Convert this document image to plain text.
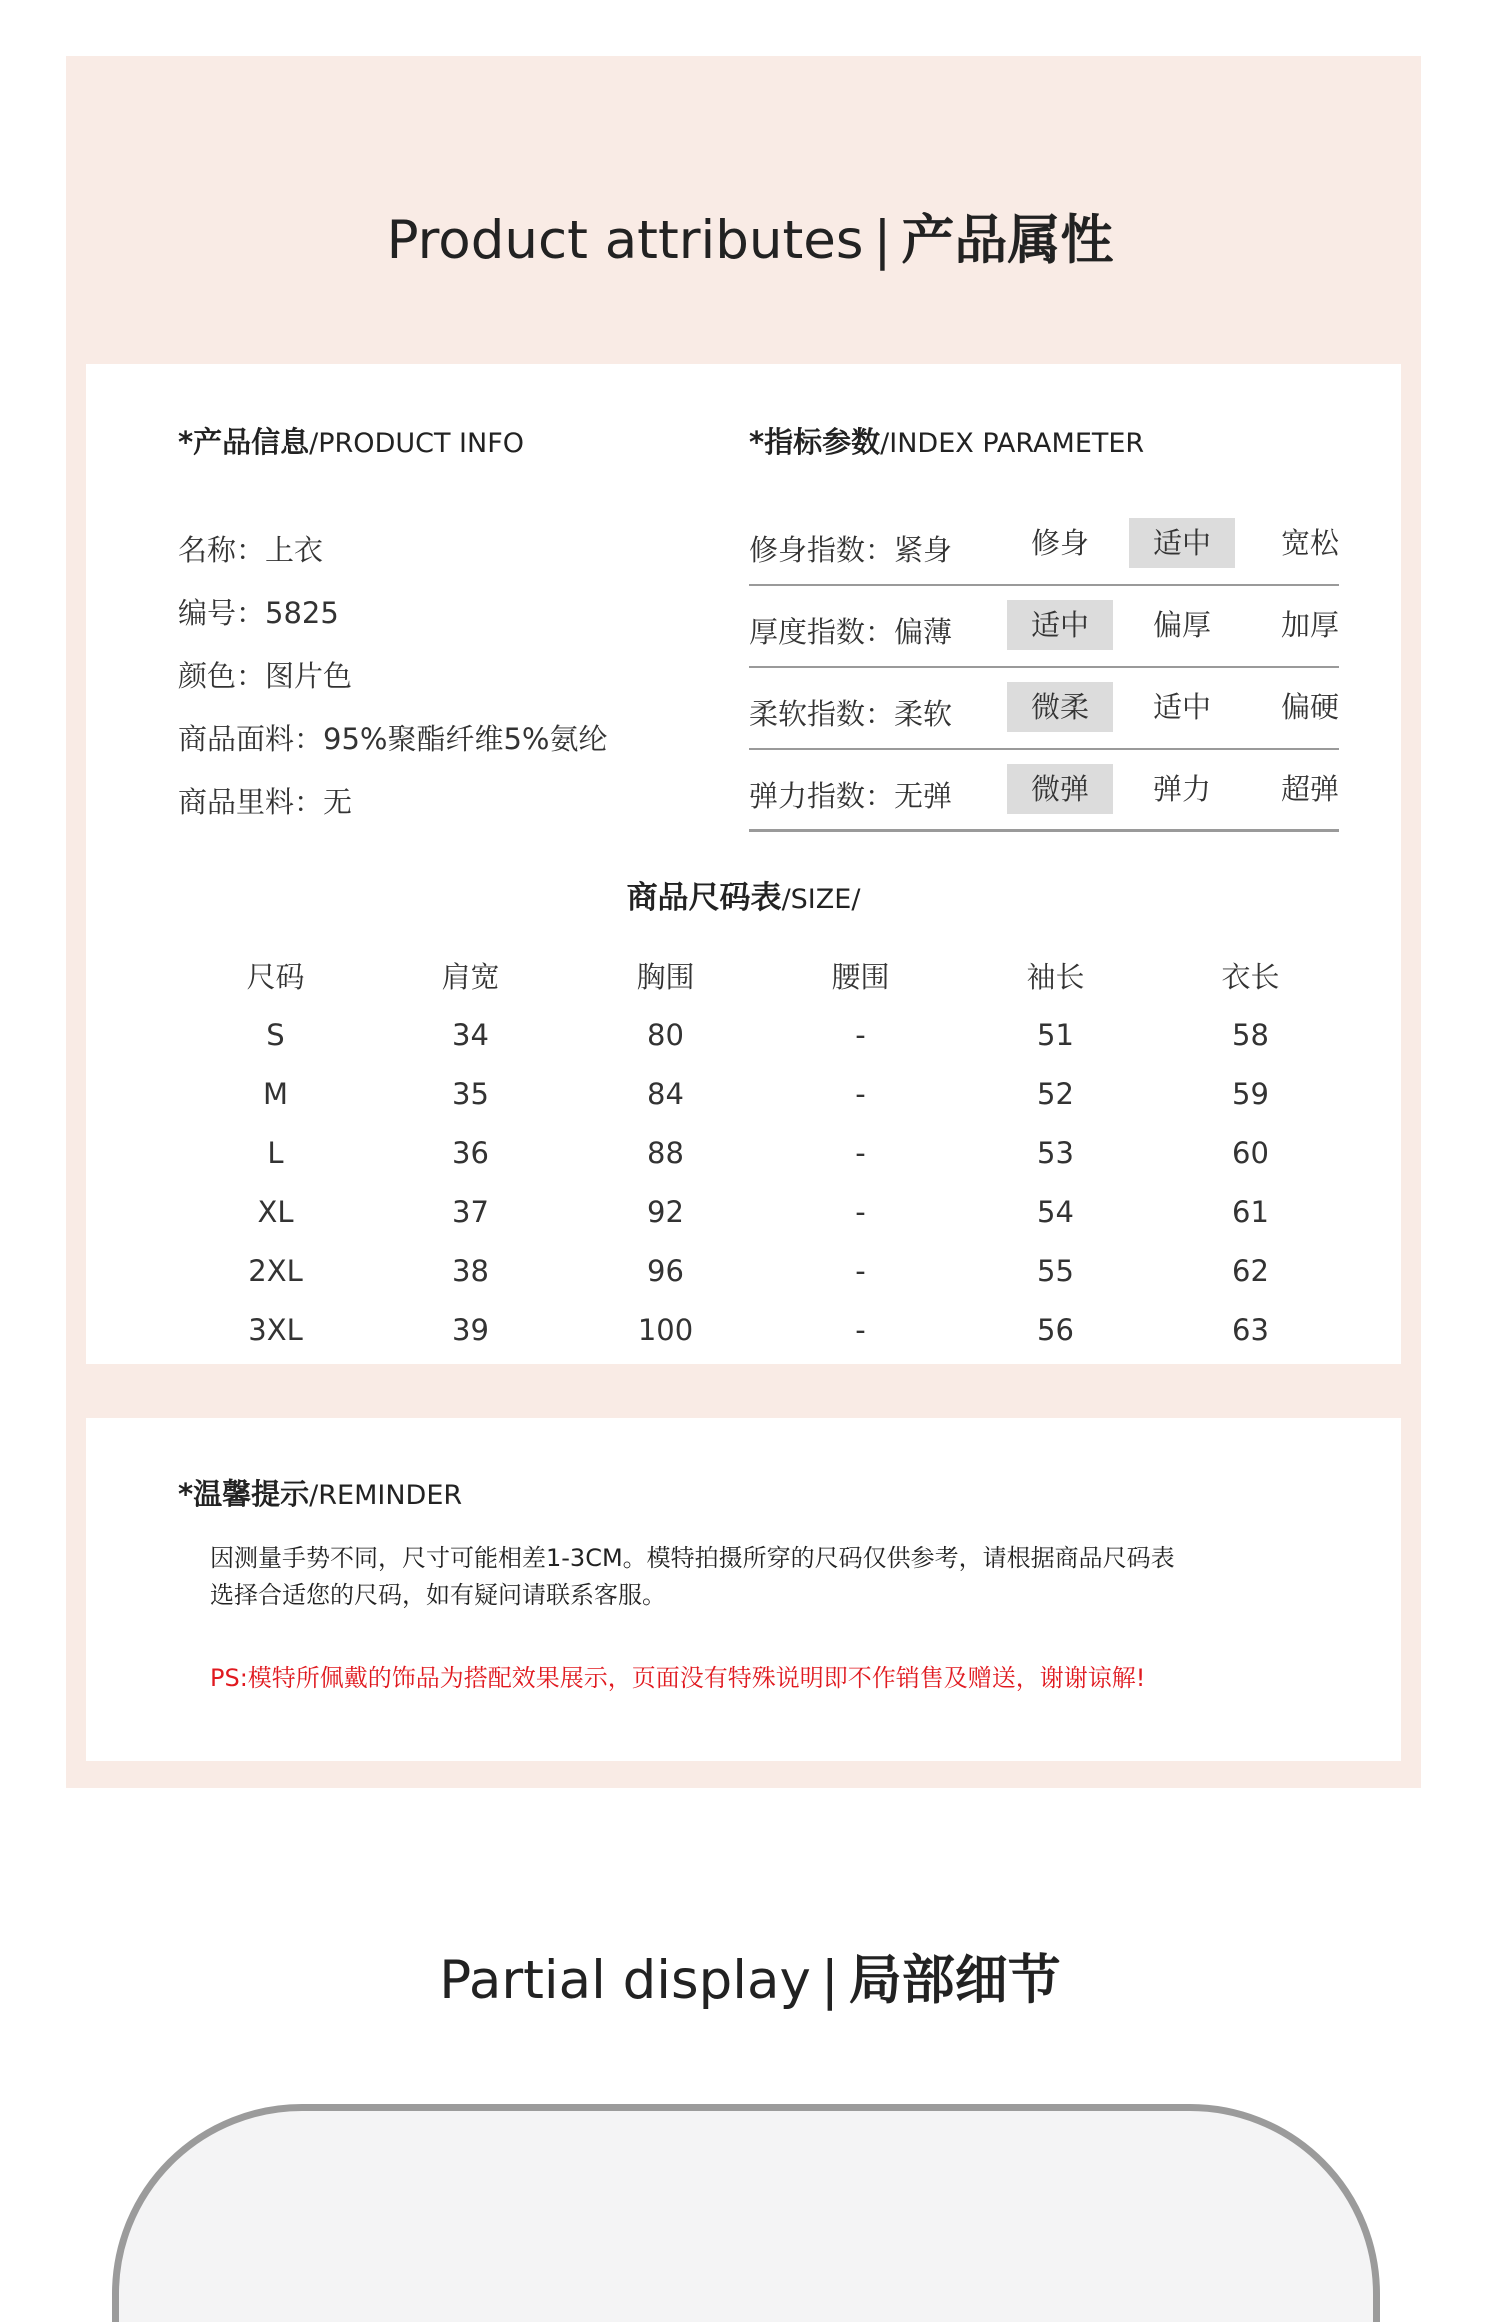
Product attributes | 产品属性
*产品信息/PRODUCT INFO	*指标参数/INDEX PARAMETER
名称：上衣
编号：5825
颜色：图片色
商品面料：95%聚酯纤维5%氨纶
商品里料：无
修身指数：紧身	修身	适中	宽松
厚度指数：偏薄	适中	偏厚	加厚
柔软指数：柔软	微柔	适中	偏硬
弹力指数：无弹	微弹	弹力	超弹
商品尺码表/SIZE/
尺码	肩宽	胸围	腰围	袖长	衣长
S	34	80	-	51	58
M	35	84	-	52	59
L	36	88	-	53	60
XL	37	92	-	54	61
2XL	38	96	-	55	62
3XL	39	100	-	56	63
*温馨提示/REMINDER
因测量手势不同，尺寸可能相差1-3CM。模特拍摄所穿的尺码仅供参考，请根据商品尺码表
选择合适您的尺码，如有疑问请联系客服。
PS:模特所佩戴的饰品为搭配效果展示，页面没有特殊说明即不作销售及赠送，谢谢谅解!
Partial display | 局部细节
